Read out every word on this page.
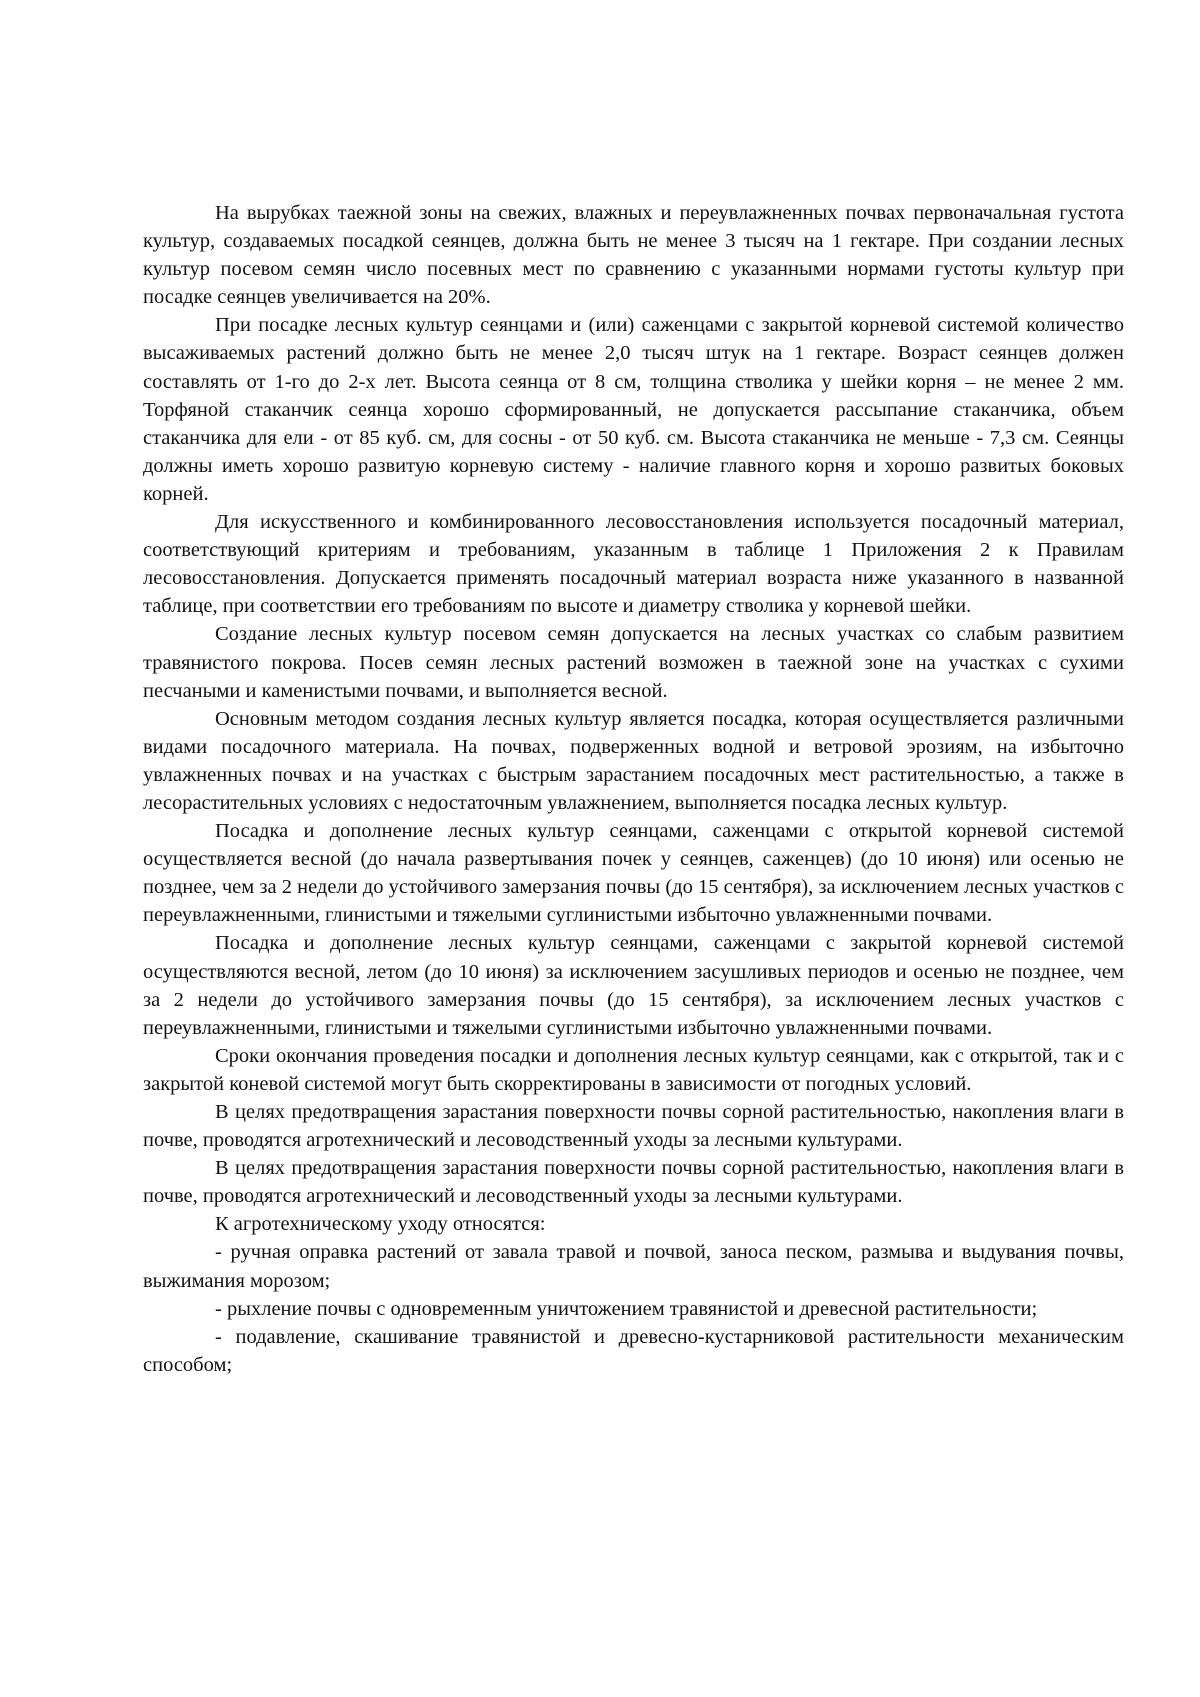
На вырубках таежной зоны на свежих, влажных и переувлажненных почвах первоначальная густота культур, создаваемых посадкой сеянцев, должна быть не менее 3 тысяч на 1 гектаре. При создании лесных культур посевом семян число посевных мест по сравнению с указанными нормами густоты культур при посадке сеянцев увеличивается на 20%.

При посадке лесных культур сеянцами и (или) саженцами с закрытой корневой системой количество высаживаемых растений должно быть не менее 2,0 тысяч штук на 1 гектаре. Возраст сеянцев должен составлять от 1-го до 2-х лет. Высота сеянца от 8 см, толщина стволика у шейки корня – не менее 2 мм. Торфяной стаканчик сеянца хорошо сформированный, не допускается рассыпание стаканчика, объем стаканчика для ели - от 85 куб. см, для сосны - от 50 куб. см. Высота стаканчика не меньше - 7,3 см. Сеянцы должны иметь хорошо развитую корневую систему - наличие главного корня и хорошо развитых боковых корней.

Для искусственного и комбинированного лесовосстановления используется посадочный материал, соответствующий критериям и требованиям, указанным в таблице 1 Приложения 2 к Правилам лесовосстановления. Допускается применять посадочный материал возраста ниже указанного в названной таблице, при соответствии его требованиям по высоте и диаметру стволика у корневой шейки.

Создание лесных культур посевом семян допускается на лесных участках со слабым развитием травянистого покрова. Посев семян лесных растений возможен в таежной зоне на участках с сухими песчаными и каменистыми почвами, и выполняется весной.

Основным методом создания лесных культур является посадка, которая осуществляется различными видами посадочного материала. На почвах, подверженных водной и ветровой эрозиям, на избыточно увлажненных почвах и на участках с быстрым зарастанием посадочных мест растительностью, а также в лесорастительных условиях с недостаточным увлажнением, выполняется посадка лесных культур.

Посадка и дополнение лесных культур сеянцами, саженцами с открытой корневой системой осуществляется весной (до начала развертывания почек у сеянцев, саженцев) (до 10 июня) или осенью не позднее, чем за 2 недели до устойчивого замерзания почвы (до 15 сентября), за исключением лесных участков с переувлажненными, глинистыми и тяжелыми суглинистыми избыточно увлажненными почвами.

Посадка и дополнение лесных культур сеянцами, саженцами с закрытой корневой системой осуществляются весной, летом (до 10 июня) за исключением засушливых периодов и осенью не позднее, чем за 2 недели до устойчивого замерзания почвы (до 15 сентября), за исключением лесных участков с переувлажненными, глинистыми и тяжелыми суглинистыми избыточно увлажненными почвами.

Сроки окончания проведения посадки и дополнения лесных культур сеянцами, как с открытой, так и с закрытой коневой системой могут быть скорректированы в зависимости от погодных условий.

В целях предотвращения зарастания поверхности почвы сорной растительностью, накопления влаги в почве, проводятся агротехнический и лесоводственный уходы за лесными культурами.

В целях предотвращения зарастания поверхности почвы сорной растительностью, накопления влаги в почве, проводятся агротехнический и лесоводственный уходы за лесными культурами.

К агротехническому уходу относятся:

- ручная оправка растений от завала травой и почвой, заноса песком, размыва и выдувания почвы, выжимания морозом;

- рыхление почвы с одновременным уничтожением травянистой и древесной растительности;

- подавление, скашивание травянистой и древесно-кустарниковой растительности механическим способом;
